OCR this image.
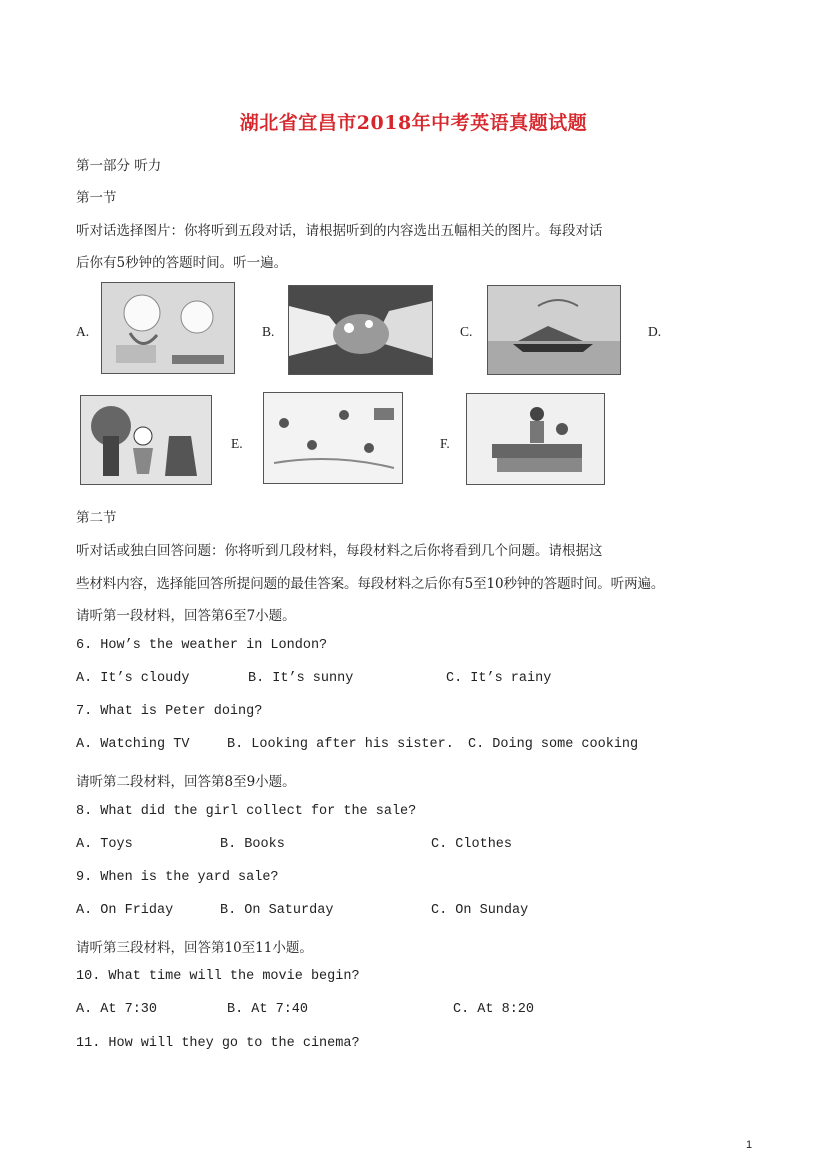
湖北省宜昌市2018年中考英语真题试题
第一部分 听力
第一节
听对话选择图片：你将听到五段对话，请根据听到的内容选出五幅相关的图片。每段对话
后你有5秒钟的答题时间。听一遍。
A.	B.	C.	D.
E.	F.
第二节
听对话或独白回答问题：你将听到几段材料，每段材料之后你将看到几个问题。请根据这
些材料内容，选择能回答所提问题的最佳答案。每段材料之后你有5至10秒钟的答题时间。听两遍。
请听第一段材料，回答第6至7小题。
6. How’s the weather in London?
A. It’s cloudy	B. It’s sunny	C. It’s rainy
7. What is Peter doing?
A. Watching TV	B. Looking after his sister. C. Doing some cooking
请听第二段材料，回答第8至9小题。
8. What did the girl collect for the sale?
A. Toys	B. Books	C. Clothes
9. When is the yard sale?
A. On Friday	B. On Saturday	C. On Sunday
请听第三段材料，回答第10至11小题。
10. What time will the movie begin?
A. At 7:30	B. At 7:40	C. At 8:20
11. How will they go to the cinema?
1
